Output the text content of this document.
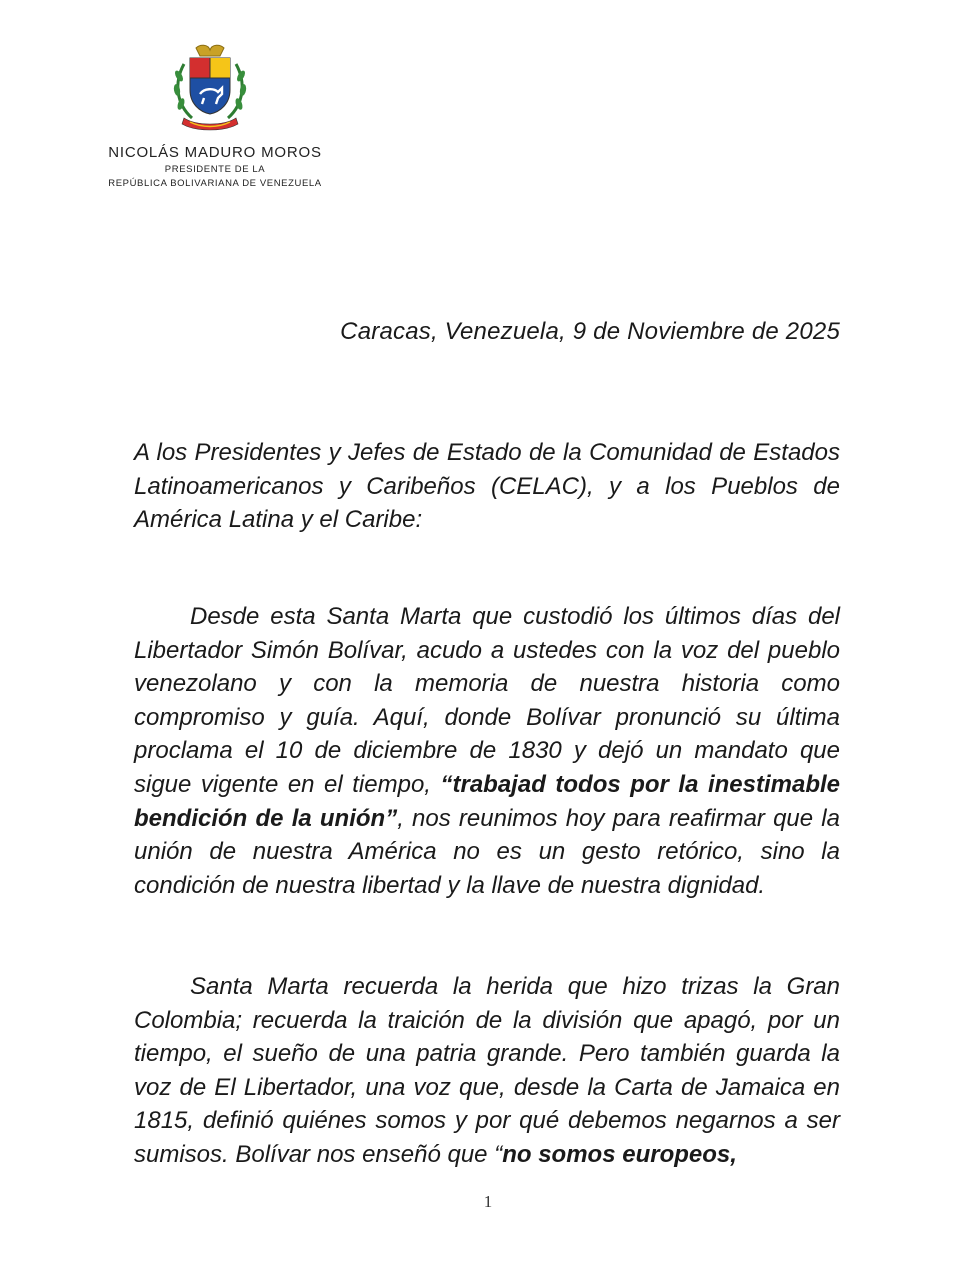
NICOLÁS MADURO MOROS

PRESIDENTE DE LA

REPÚBLICA BOLIVARIANA DE VENEZUELA

Caracas, Venezuela, 9 de Noviembre de 2025

A los Presidentes y Jefes de Estado de la Comunidad de Estados Latinoamericanos y Caribeños (CELAC), y a los Pueblos de América Latina y el Caribe:

Desde esta Santa Marta que custodió los últimos días del Libertador Simón Bolívar, acudo a ustedes con la voz del pueblo venezolano y con la memoria de nuestra historia como compromiso y guía. Aquí, donde Bolívar pronunció su última proclama el 10 de diciembre de 1830 y dejó un mandato que sigue vigente en el tiempo, “trabajad todos por la inestimable bendición de la unión”, nos reunimos hoy para reafirmar que la unión de nuestra América no es un gesto retórico, sino la condición de nuestra libertad y la llave de nuestra dignidad.

Santa Marta recuerda la herida que hizo trizas la Gran Colombia; recuerda la traición de la división que apagó, por un tiempo, el sueño de una patria grande. Pero también guarda la voz de El Libertador, una voz que, desde la Carta de Jamaica en 1815, definió quiénes somos y por qué debemos negarnos a ser sumisos. Bolívar nos enseñó que “no somos europeos,

1
